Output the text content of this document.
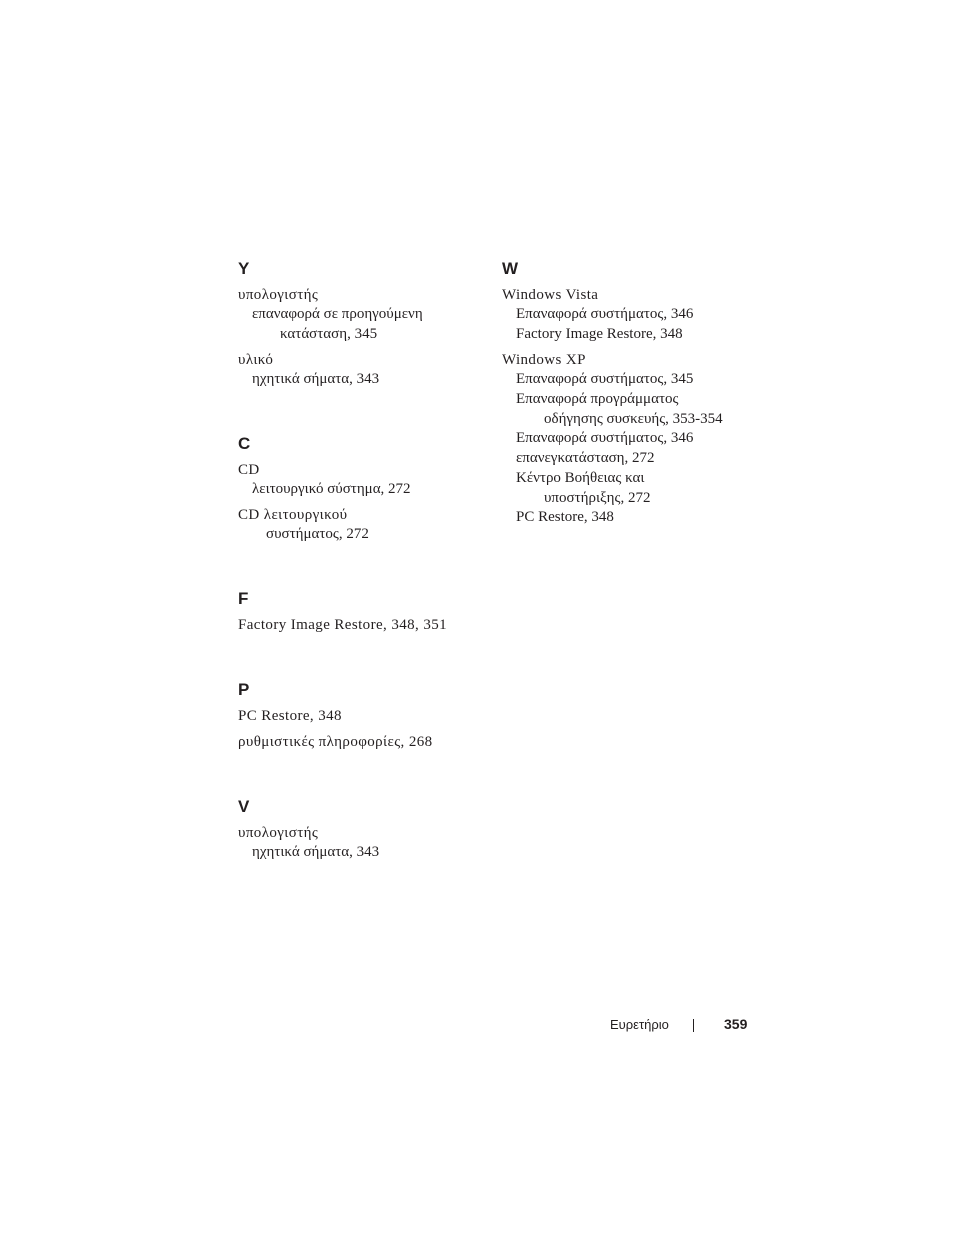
Y
υπολογιστής
επαναφορά σε προηγούμενη
κατάσταση, 345
υλικό
ηχητικά σήματα, 343
C
CD
λειτουργικό σύστημα, 272
CD λειτουργικού
συστήματος, 272
F
Factory Image Restore, 348, 351
P
PC Restore, 348
ρυθμιστικές πληροφορίες, 268
V
υπολογιστής
ηχητικά σήματα, 343
W
Windows Vista
Επαναφορά συστήματος, 346
Factory Image Restore, 348
Windows XP
Επαναφορά συστήματος, 345
Επαναφορά προγράμματος
οδήγησης συσκευής, 353-354
Επαναφορά συστήματος, 346
επανεγκατάσταση, 272
Κέντρο Βοήθειας και
υποστήριξης, 272
PC Restore, 348
Ευρετήριο	359
